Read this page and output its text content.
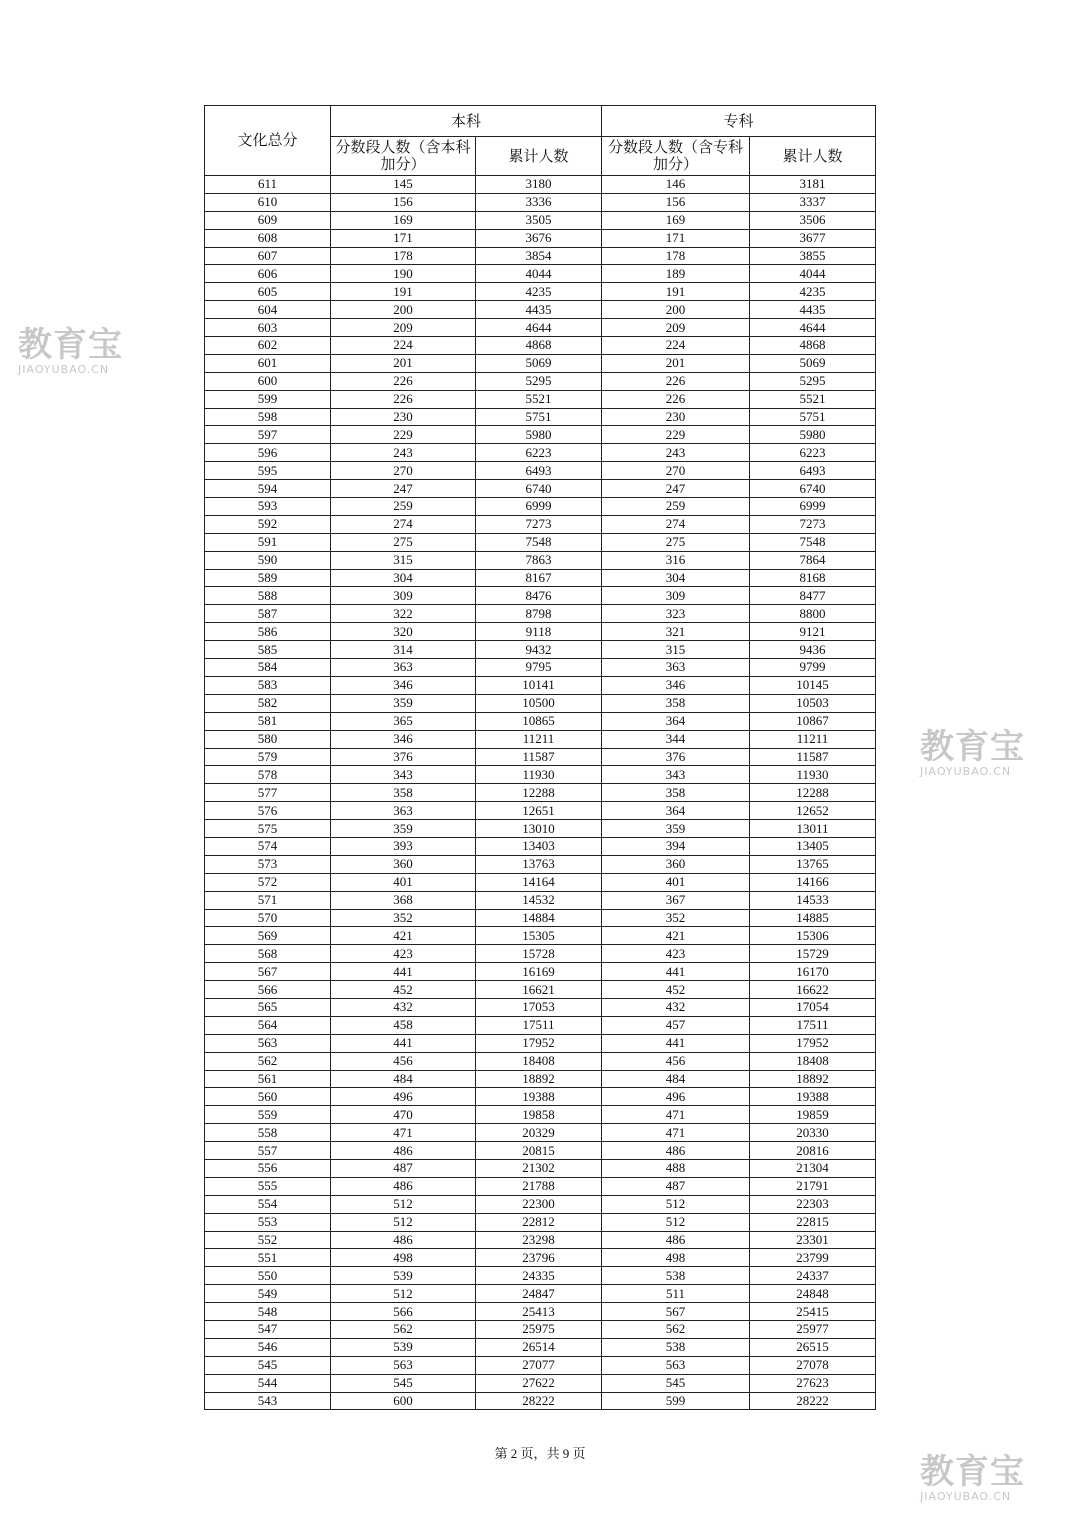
教育宝
JIAOYUBAO.CN
教育宝
JIAOYUBAO.CN
教育宝
JIAOYUBAO.CN
文化总分	本科		专科	
	分数段人数（含本科加分）	累计人数	分数段人数（含专科加分）	累计人数
611	145	3180	146	3181
610	156	3336	156	3337
609	169	3505	169	3506
608	171	3676	171	3677
607	178	3854	178	3855
606	190	4044	189	4044
605	191	4235	191	4235
604	200	4435	200	4435
603	209	4644	209	4644
602	224	4868	224	4868
601	201	5069	201	5069
600	226	5295	226	5295
599	226	5521	226	5521
598	230	5751	230	5751
597	229	5980	229	5980
596	243	6223	243	6223
595	270	6493	270	6493
594	247	6740	247	6740
593	259	6999	259	6999
592	274	7273	274	7273
591	275	7548	275	7548
590	315	7863	316	7864
589	304	8167	304	8168
588	309	8476	309	8477
587	322	8798	323	8800
586	320	9118	321	9121
585	314	9432	315	9436
584	363	9795	363	9799
583	346	10141	346	10145
582	359	10500	358	10503
581	365	10865	364	10867
580	346	11211	344	11211
579	376	11587	376	11587
578	343	11930	343	11930
577	358	12288	358	12288
576	363	12651	364	12652
575	359	13010	359	13011
574	393	13403	394	13405
573	360	13763	360	13765
572	401	14164	401	14166
571	368	14532	367	14533
570	352	14884	352	14885
569	421	15305	421	15306
568	423	15728	423	15729
567	441	16169	441	16170
566	452	16621	452	16622
565	432	17053	432	17054
564	458	17511	457	17511
563	441	17952	441	17952
562	456	18408	456	18408
561	484	18892	484	18892
560	496	19388	496	19388
559	470	19858	471	19859
558	471	20329	471	20330
557	486	20815	486	20816
556	487	21302	488	21304
555	486	21788	487	21791
554	512	22300	512	22303
553	512	22812	512	22815
552	486	23298	486	23301
551	498	23796	498	23799
550	539	24335	538	24337
549	512	24847	511	24848
548	566	25413	567	25415
547	562	25975	562	25977
546	539	26514	538	26515
545	563	27077	563	27078
544	545	27622	545	27623
543	600	28222	599	28222
第 2 页，共 9 页
